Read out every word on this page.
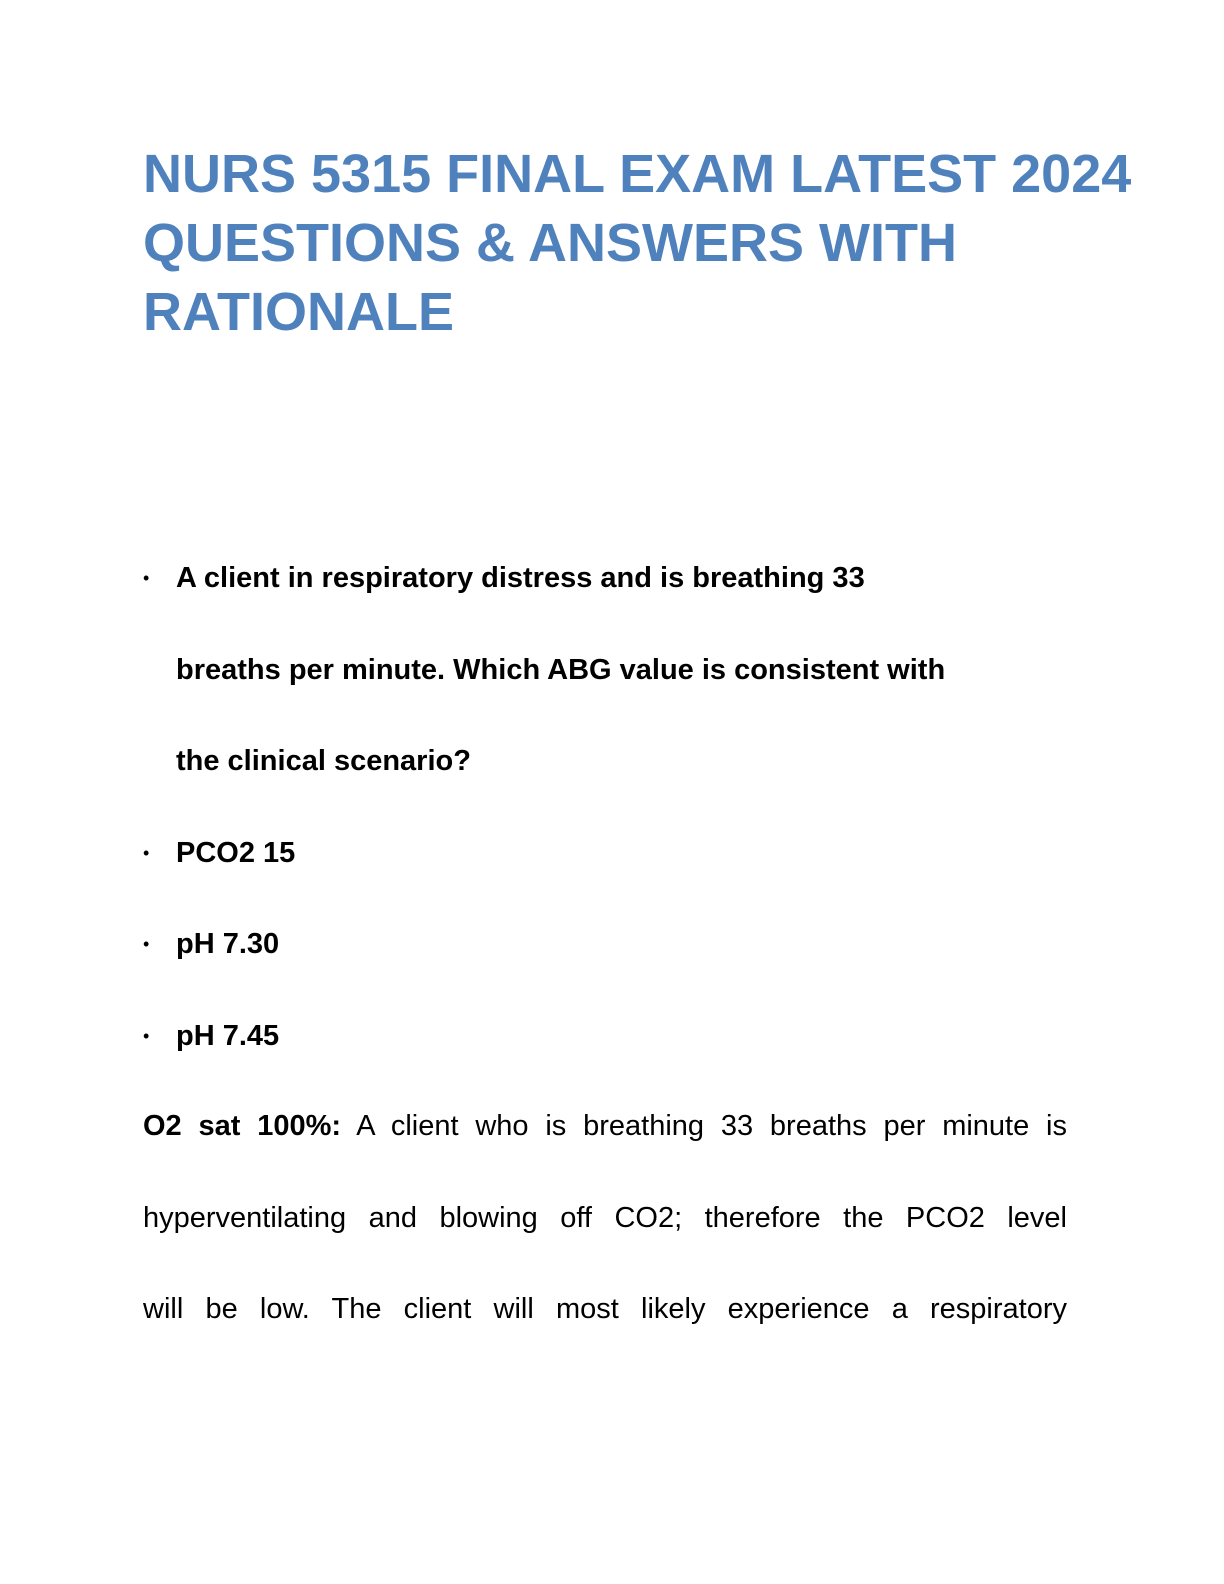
NURS 5315 FINAL EXAM LATEST 2024
QUESTIONS & ANSWERS WITH
RATIONALE
• A client in respiratory distress and is breathing 33
breaths per minute. Which ABG value is consistent with
the clinical scenario?
• PCO2 15
• pH 7.30
• pH 7.45
O2 sat 100%: A client who is breathing 33 breaths per minute is
hyperventilating and blowing off CO2; therefore the PCO2 level
will be low. The client will most likely experience a respiratory
